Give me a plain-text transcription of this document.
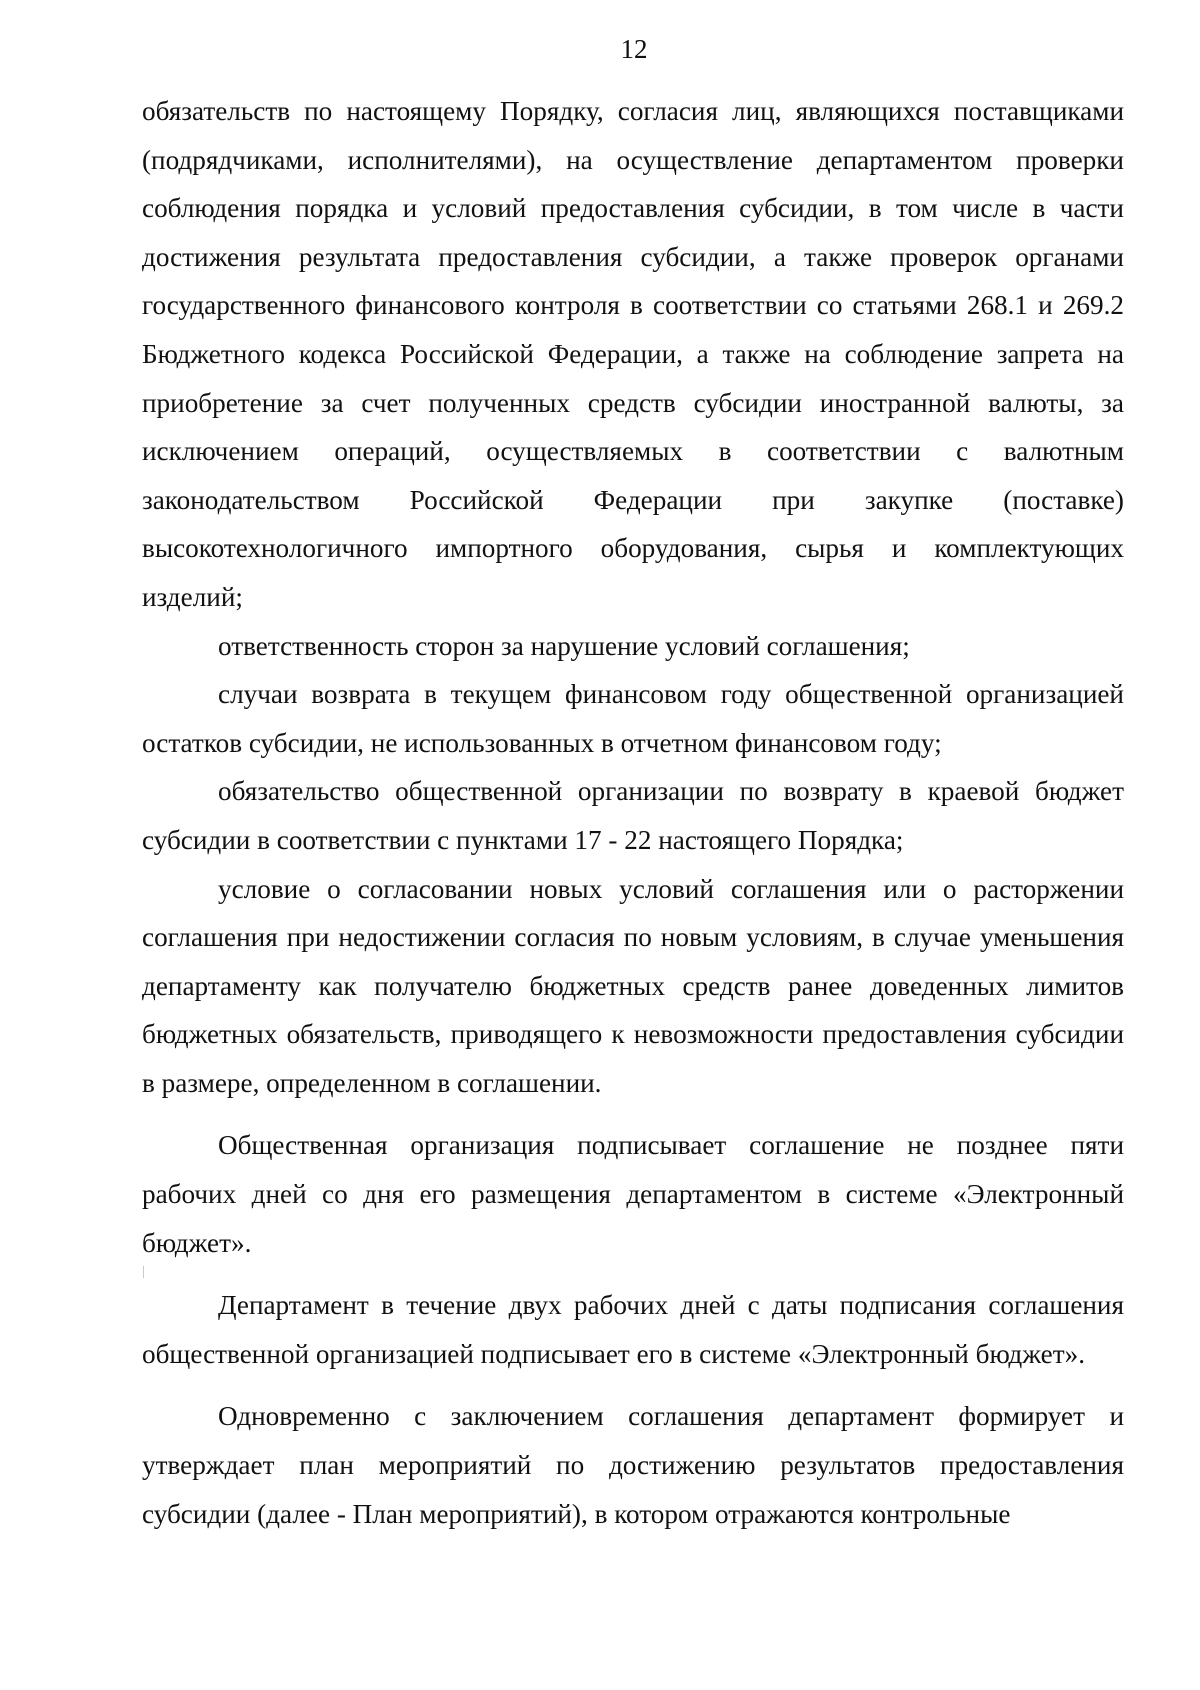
12

обязательств по настоящему Порядку, согласия лиц, являющихся поставщиками (подрядчиками, исполнителями), на осуществление департаментом проверки соблюдения порядка и условий предоставления субсидии, в том числе в части достижения результата предоставления субсидии, а также проверок органами государственного финансового контроля в соответствии со статьями 268.1 и 269.2 Бюджетного кодекса Российской Федерации, а также на соблюдение запрета на приобретение за счет полученных средств субсидии иностранной валюты, за исключением операций, осуществляемых в соответствии с валютным законодательством Российской Федерации при закупке (поставке) высокотехнологичного импортного оборудования, сырья и комплектующих изделий;

ответственность сторон за нарушение условий соглашения;

случаи возврата в текущем финансовом году общественной организацией остатков субсидии, не использованных в отчетном финансовом году;

обязательство общественной организации по возврату в краевой бюджет субсидии в соответствии с пунктами 17 - 22 настоящего Порядка;

условие о согласовании новых условий соглашения или о расторжении соглашения при недостижении согласия по новым условиям, в случае уменьшения департаменту как получателю бюджетных средств ранее доведенных лимитов бюджетных обязательств, приводящего к невозможности предоставления субсидии в размере, определенном в соглашении.

Общественная организация подписывает соглашение не позднее пяти рабочих дней со дня его размещения департаментом в системе «Электронный бюджет».

Департамент в течение двух рабочих дней с даты подписания соглашения общественной организацией подписывает его в системе «Электронный бюджет».

Одновременно с заключением соглашения департамент формирует и утверждает план мероприятий по достижению результатов предоставления субсидии (далее - План мероприятий), в котором отражаются контрольные
